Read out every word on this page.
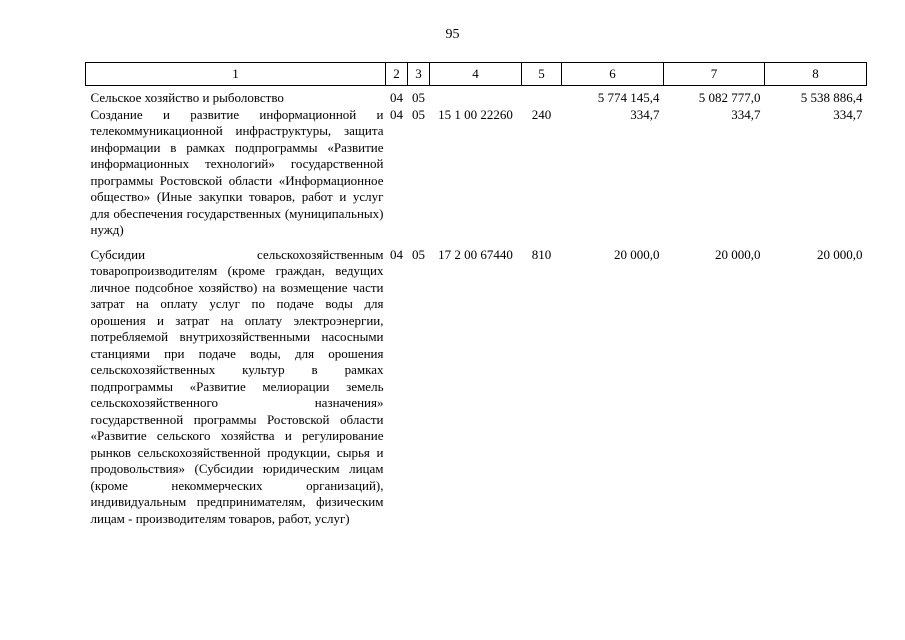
95
1	2	3	4	5	6	7	8
Сельское хозяйство и рыболовство	04	05			5 774 145,4	5 082 777,0	5 538 886,4
Создание и развитие информационной и телекоммуникационной инфраструктуры, защита информации в рамках подпрограммы «Развитие информационных технологий» государственной программы Ростовской области «Информационное общество» (Иные закупки товаров, работ и услуг для обеспечения государственных (муниципальных) нужд)	04	05	15 1 00 22260	240	334,7	334,7	334,7
Субсидии сельскохозяйственным товаропроизводителям (кроме граждан, ведущих личное подсобное хозяйство) на возмещение части затрат на оплату услуг по подаче воды для орошения и затрат на оплату электроэнергии, потребляемой внутрихозяйственными насосными станциями при подаче воды, для орошения сельскохозяйственных культур в рамках подпрограммы «Развитие мелиорации земель сельскохозяйственного назначения» государственной программы Ростовской области «Развитие сельского хозяйства и регулирование рынков сельскохозяйственной продукции, сырья и продовольствия» (Субсидии юридическим лицам (кроме некоммерческих организаций), индивидуальным предпринимателям, физическим лицам - производителям товаров, работ, услуг)	04	05	17 2 00 67440	810	20 000,0	20 000,0	20 000,0
